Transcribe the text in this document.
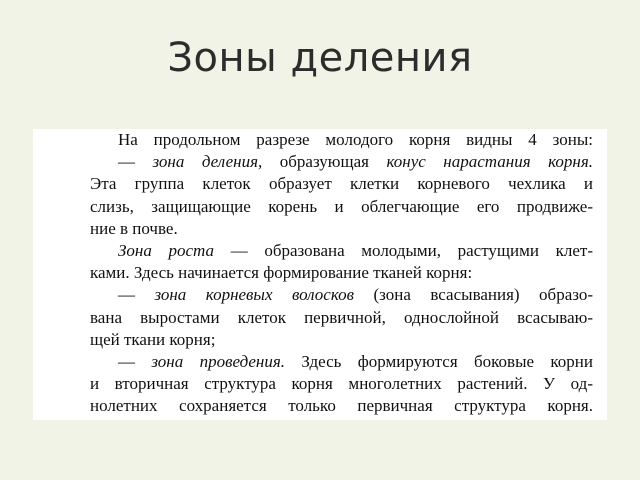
Зоны деления
На продольном разрезе молодого корня видны 4 зоны:
— зона деления, образующая конус нарастания корня.
Эта группа клеток образует клетки корневого чехлика и
слизь, защищающие корень и облегчающие его продвиже-
ние в почве.
Зона роста — образована молодыми, растущими клет-
ками. Здесь начинается формирование тканей корня:
— зона корневых волосков (зона всасывания) образо-
вана выростами клеток первичной, однослойной всасываю-
щей ткани корня;
— зона проведения. Здесь формируются боковые корни
и вторичная структура корня многолетних растений. У од-
нолетних сохраняется только первичная структура корня.
